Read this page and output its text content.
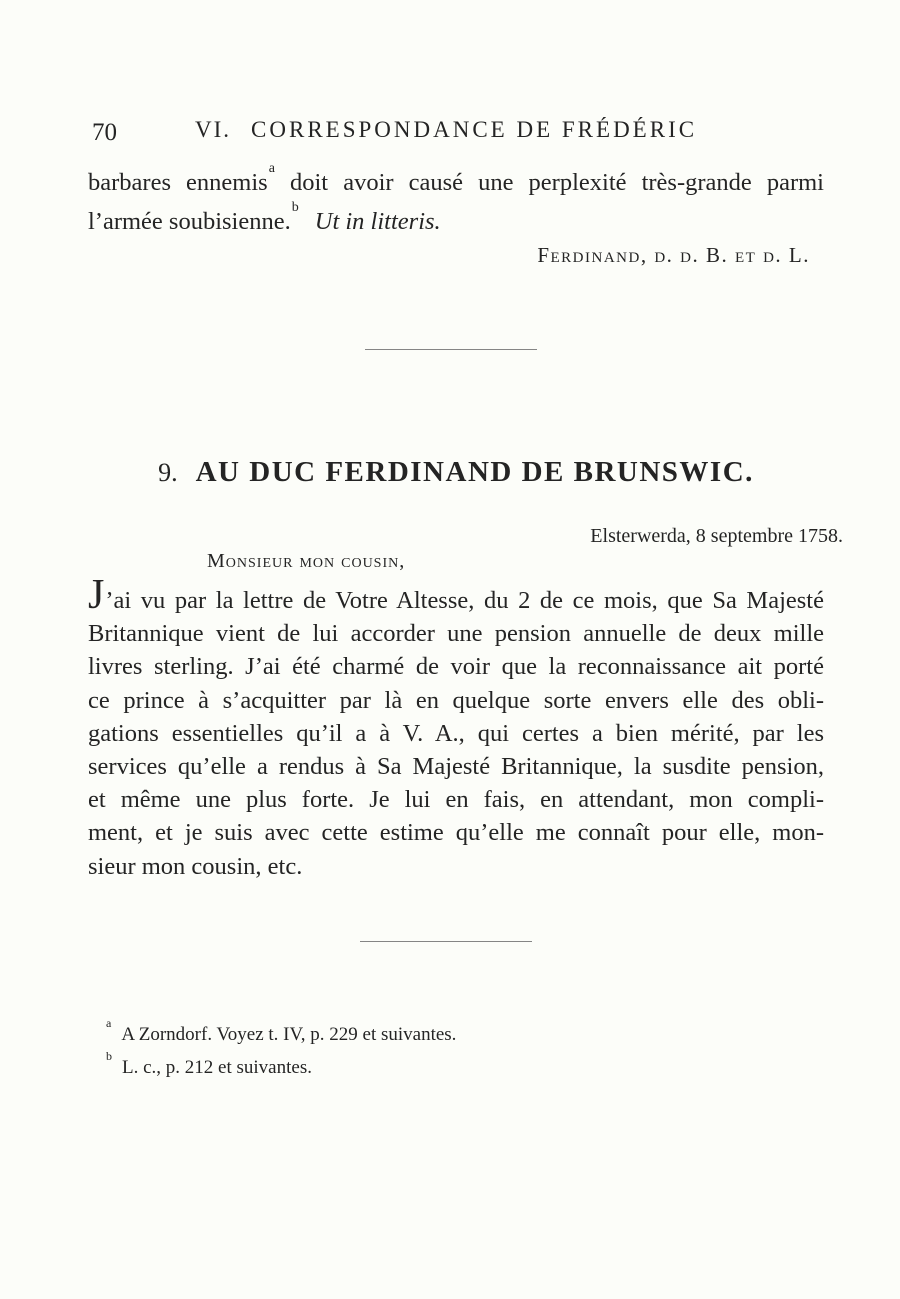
70	VI. CORRESPONDANCE DE FRÉDÉRIC
barbares ennemis$^a$ doit avoir causé une perplexité très-grande parmi
l’armée soubisienne.$^b$Ut in litteris.
Ferdinand, d. d. B. et d. L.
9. AU DUC FERDINAND DE BRUNSWIC.
Elsterwerda, 8 septembre 1758.
Monsieur mon cousin,
J’ai vu par la lettre de Votre Altesse, du 2 de ce mois, que Sa Majesté
Britannique vient de lui accorder une pension annuelle de deux mille
livres sterling. J’ai été charmé de voir que la reconnaissance ait porté
ce prince à s’acquitter par là en quelque sorte envers elle des obli-
gations essentielles qu’il a à V. A., qui certes a bien mérité, par les
services qu’elle a rendus à Sa Majesté Britannique, la susdite pension,
et même une plus forte. Je lui en fais, en attendant, mon compli-
ment, et je suis avec cette estime qu’elle me connaît pour elle, mon-
sieur mon cousin, etc.
$^a$A Zorndorf. Voyez t. IV, p. 229 et suivantes.
$^b$L. c., p. 212 et suivantes.
